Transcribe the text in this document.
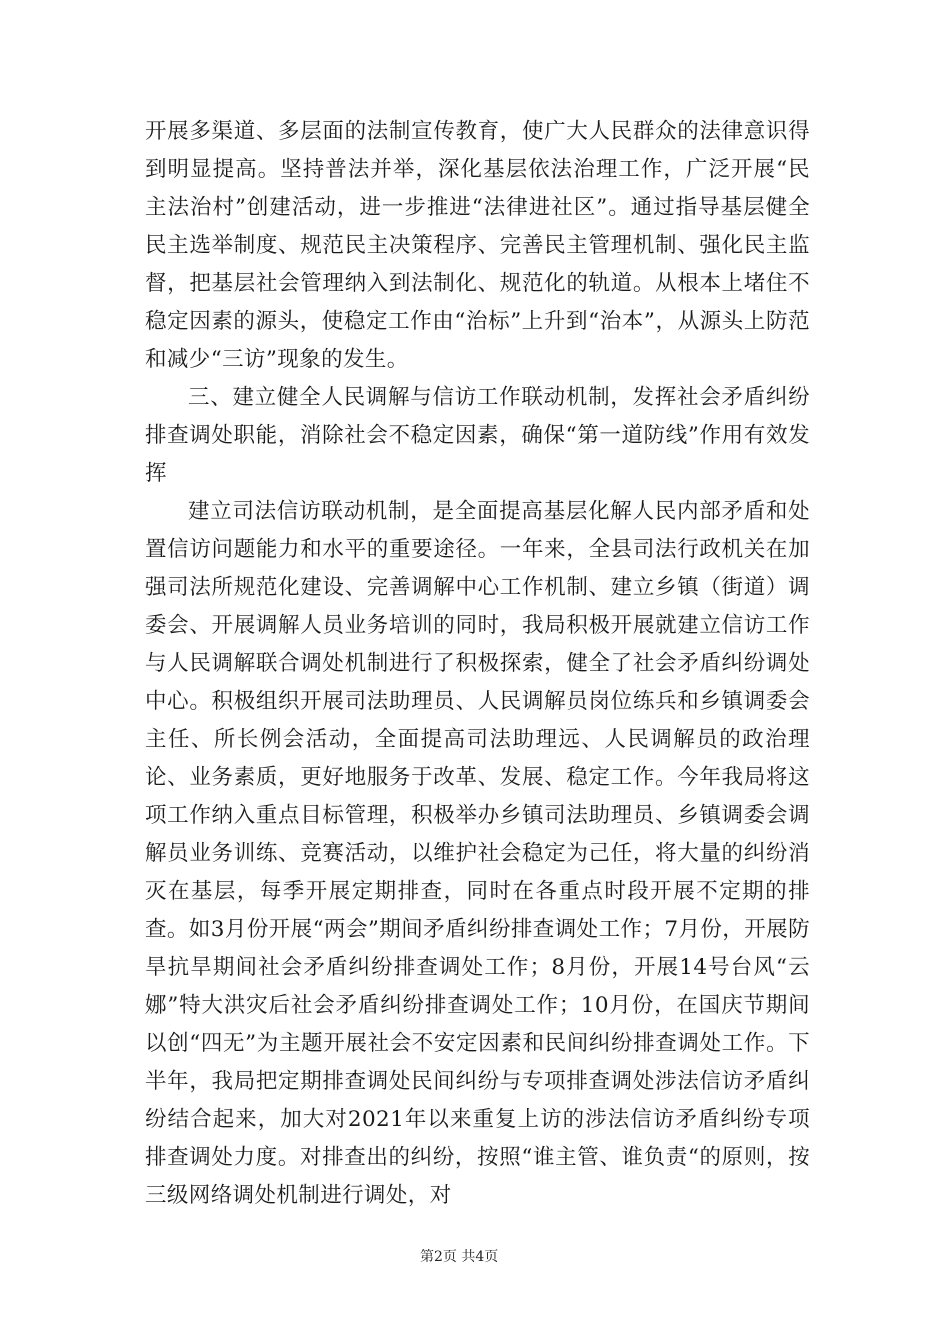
开展多渠道、多层面的法制宣传教育，使广大人民群众的法律意识得到明显提高。坚持普法并举，深化基层依法治理工作，广泛开展“民主法治村”创建活动，进一步推进“法律进社区”。通过指导基层健全民主选举制度、规范民主决策程序、完善民主管理机制、强化民主监督，把基层社会管理纳入到法制化、规范化的轨道。从根本上堵住不稳定因素的源头，使稳定工作由“治标”上升到“治本”，从源头上防范和减少“三访”现象的发生。

三、建立健全人民调解与信访工作联动机制，发挥社会矛盾纠纷排查调处职能，消除社会不稳定因素，确保“第一道防线”作用有效发挥

建立司法信访联动机制，是全面提高基层化解人民内部矛盾和处置信访问题能力和水平的重要途径。一年来，全县司法行政机关在加强司法所规范化建设、完善调解中心工作机制、建立乡镇（街道）调委会、开展调解人员业务培训的同时，我局积极开展就建立信访工作与人民调解联合调处机制进行了积极探索，健全了社会矛盾纠纷调处中心。积极组织开展司法助理员、人民调解员岗位练兵和乡镇调委会主任、所长例会活动，全面提高司法助理远、人民调解员的政治理论、业务素质，更好地服务于改革、发展、稳定工作。今年我局将这项工作纳入重点目标管理，积极举办乡镇司法助理员、乡镇调委会调解员业务训练、竞赛活动，以维护社会稳定为己任，将大量的纠纷消灭在基层，每季开展定期排查，同时在各重点时段开展不定期的排查。如3月份开展“两会”期间矛盾纠纷排查调处工作；7月份，开展防旱抗旱期间社会矛盾纠纷排查调处工作；8月份，开展14号台风“云娜”特大洪灾后社会矛盾纠纷排查调处工作；10月份，在国庆节期间以创“四无”为主题开展社会不安定因素和民间纠纷排查调处工作。下半年，我局把定期排查调处民间纠纷与专项排查调处涉法信访矛盾纠纷结合起来，加大对2021年以来重复上访的涉法信访矛盾纠纷专项排查调处力度。对排查出的纠纷，按照“谁主管、谁负责“的原则，按三级网络调处机制进行调处，对

第2页 共4页
